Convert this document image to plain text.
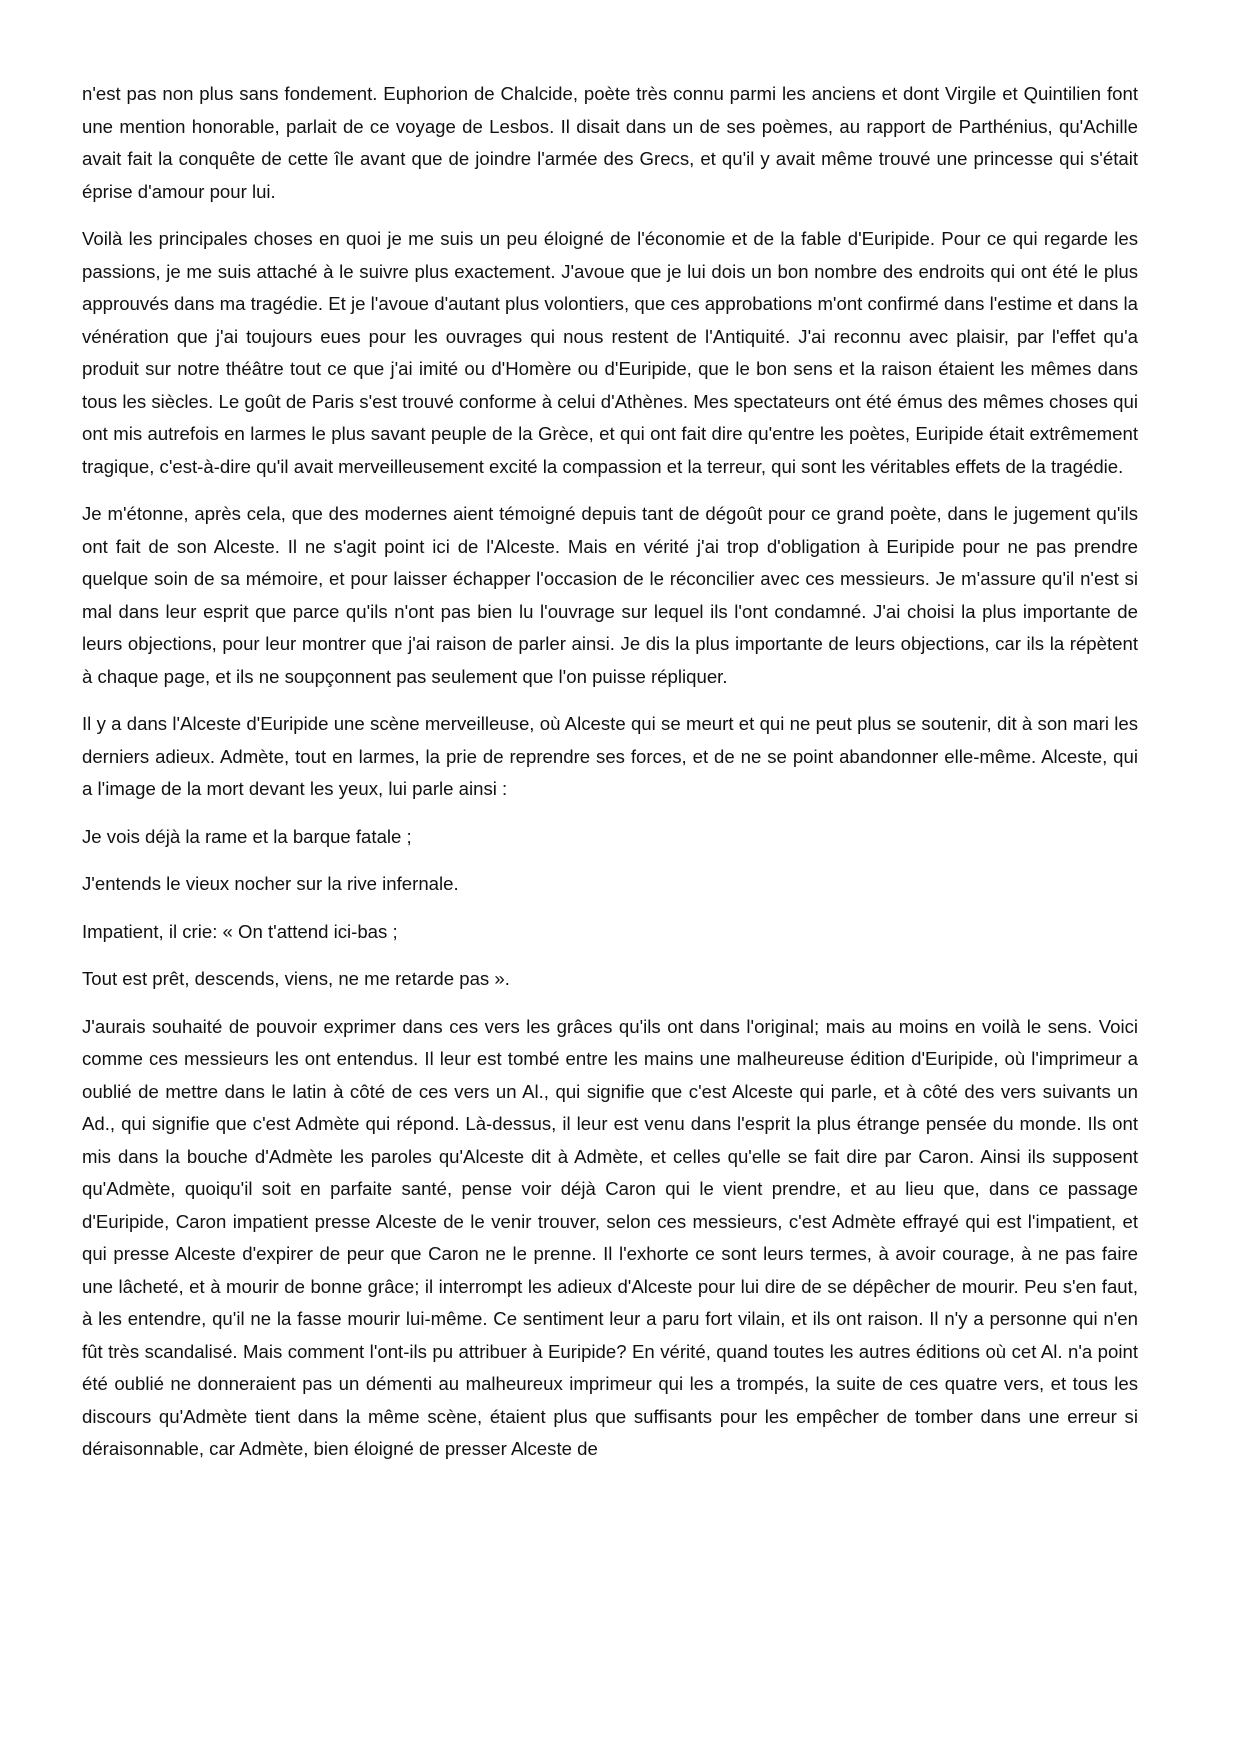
n'est pas non plus sans fondement. Euphorion de Chalcide, poète très connu parmi les anciens et dont Virgile et Quintilien font une mention honorable, parlait de ce voyage de Lesbos. Il disait dans un de ses poèmes, au rapport de Parthénius, qu'Achille avait fait la conquête de cette île avant que de joindre l'armée des Grecs, et qu'il y avait même trouvé une princesse qui s'était éprise d'amour pour lui.

Voilà les principales choses en quoi je me suis un peu éloigné de l'économie et de la fable d'Euripide. Pour ce qui regarde les passions, je me suis attaché à le suivre plus exactement. J'avoue que je lui dois un bon nombre des endroits qui ont été le plus approuvés dans ma tragédie. Et je l'avoue d'autant plus volontiers, que ces approbations m'ont confirmé dans l'estime et dans la vénération que j'ai toujours eues pour les ouvrages qui nous restent de l'Antiquité. J'ai reconnu avec plaisir, par l'effet qu'a produit sur notre théâtre tout ce que j'ai imité ou d'Homère ou d'Euripide, que le bon sens et la raison étaient les mêmes dans tous les siècles. Le goût de Paris s'est trouvé conforme à celui d'Athènes. Mes spectateurs ont été émus des mêmes choses qui ont mis autrefois en larmes le plus savant peuple de la Grèce, et qui ont fait dire qu'entre les poètes, Euripide était extrêmement tragique, c'est-à-dire qu'il avait merveilleusement excité la compassion et la terreur, qui sont les véritables effets de la tragédie.

Je m'étonne, après cela, que des modernes aient témoigné depuis tant de dégoût pour ce grand poète, dans le jugement qu'ils ont fait de son Alceste. Il ne s'agit point ici de l'Alceste. Mais en vérité j'ai trop d'obligation à Euripide pour ne pas prendre quelque soin de sa mémoire, et pour laisser échapper l'occasion de le réconcilier avec ces messieurs. Je m'assure qu'il n'est si mal dans leur esprit que parce qu'ils n'ont pas bien lu l'ouvrage sur lequel ils l'ont condamné. J'ai choisi la plus importante de leurs objections, pour leur montrer que j'ai raison de parler ainsi. Je dis la plus importante de leurs objections, car ils la répètent à chaque page, et ils ne soupçonnent pas seulement que l'on puisse répliquer.

Il y a dans l'Alceste d'Euripide une scène merveilleuse, où Alceste qui se meurt et qui ne peut plus se soutenir, dit à son mari les derniers adieux. Admète, tout en larmes, la prie de reprendre ses forces, et de ne se point abandonner elle-même. Alceste, qui a l'image de la mort devant les yeux, lui parle ainsi :

Je vois déjà la rame et la barque fatale ;

J'entends le vieux nocher sur la rive infernale.

Impatient, il crie: « On t'attend ici-bas ;

Tout est prêt, descends, viens, ne me retarde pas ».

J'aurais souhaité de pouvoir exprimer dans ces vers les grâces qu'ils ont dans l'original; mais au moins en voilà le sens. Voici comme ces messieurs les ont entendus. Il leur est tombé entre les mains une malheureuse édition d'Euripide, où l'imprimeur a oublié de mettre dans le latin à côté de ces vers un Al., qui signifie que c'est Alceste qui parle, et à côté des vers suivants un Ad., qui signifie que c'est Admète qui répond. Là-dessus, il leur est venu dans l'esprit la plus étrange pensée du monde. Ils ont mis dans la bouche d'Admète les paroles qu'Alceste dit à Admète, et celles qu'elle se fait dire par Caron. Ainsi ils supposent qu'Admète, quoiqu'il soit en parfaite santé, pense voir déjà Caron qui le vient prendre, et au lieu que, dans ce passage d'Euripide, Caron impatient presse Alceste de le venir trouver, selon ces messieurs, c'est Admète effrayé qui est l'impatient, et qui presse Alceste d'expirer de peur que Caron ne le prenne. Il l'exhorte ce sont leurs termes, à avoir courage, à ne pas faire une lâcheté, et à mourir de bonne grâce; il interrompt les adieux d'Alceste pour lui dire de se dépêcher de mourir. Peu s'en faut, à les entendre, qu'il ne la fasse mourir lui-même. Ce sentiment leur a paru fort vilain, et ils ont raison. Il n'y a personne qui n'en fût très scandalisé. Mais comment l'ont-ils pu attribuer à Euripide? En vérité, quand toutes les autres éditions où cet Al. n'a point été oublié ne donneraient pas un démenti au malheureux imprimeur qui les a trompés, la suite de ces quatre vers, et tous les discours qu'Admète tient dans la même scène, étaient plus que suffisants pour les empêcher de tomber dans une erreur si déraisonnable, car Admète, bien éloigné de presser Alceste de
